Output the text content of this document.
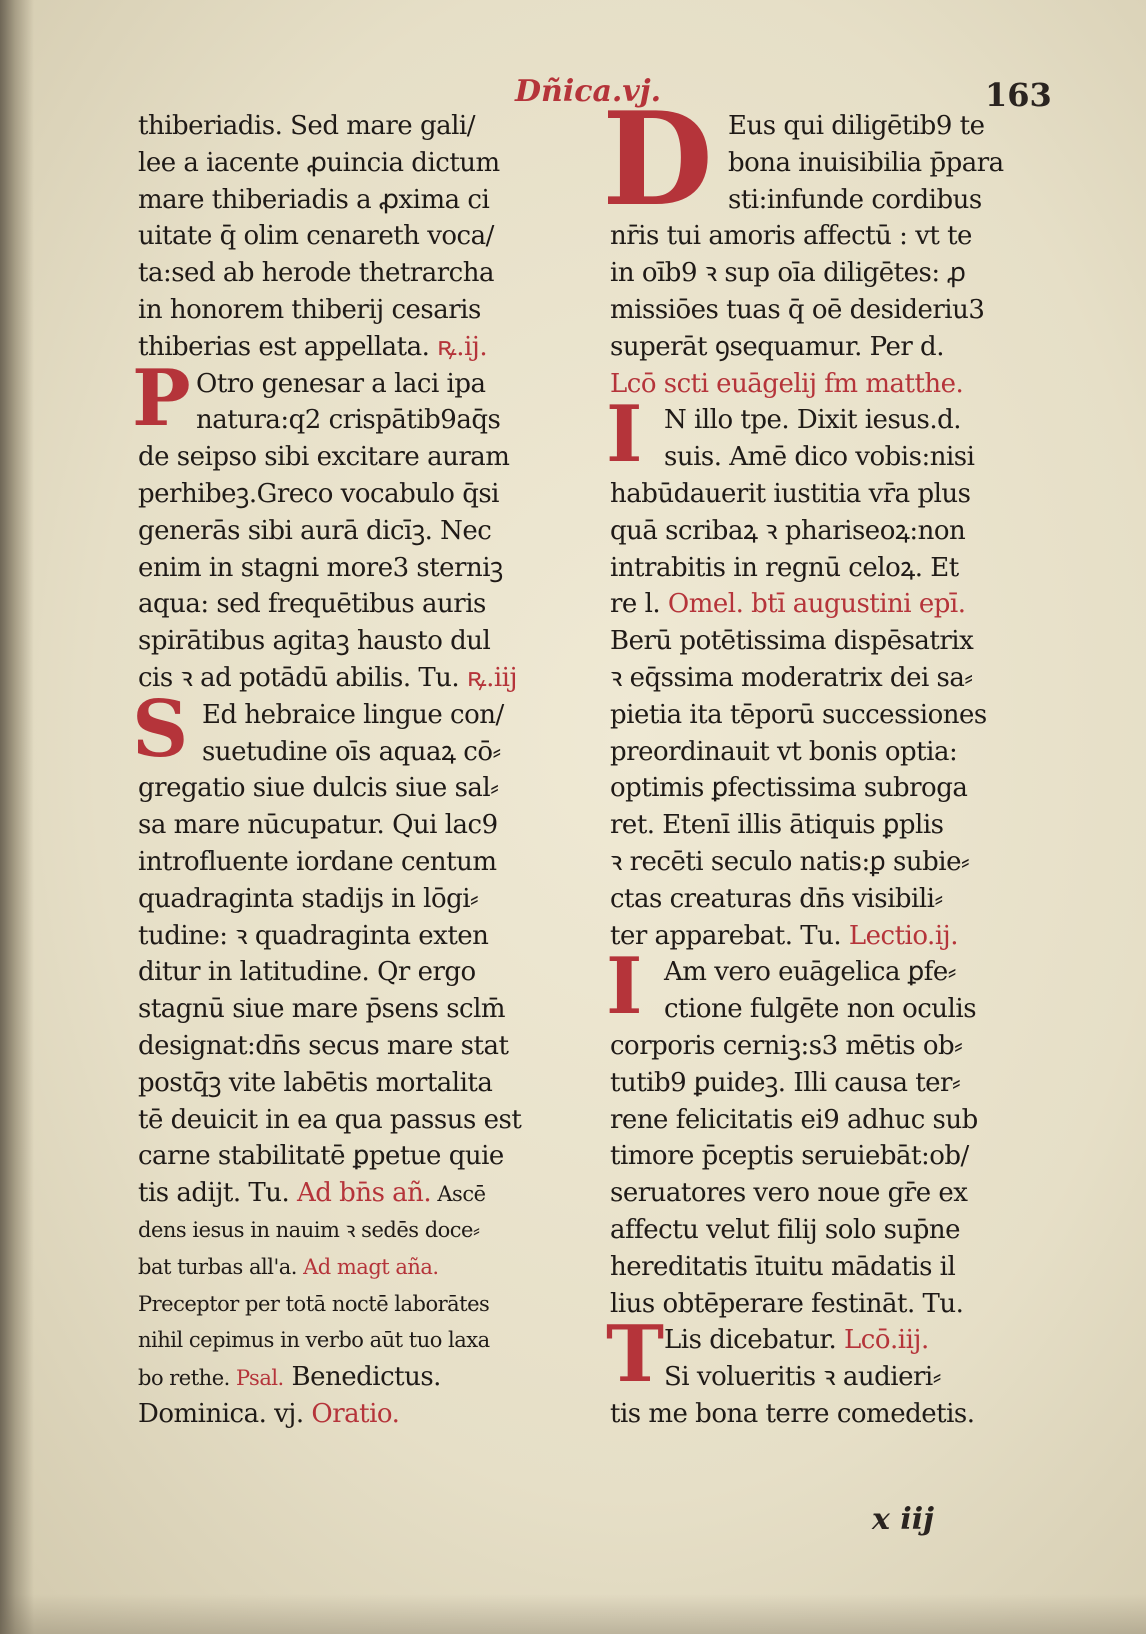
Dñica.vj.	163
thiberiadis. Sed mare gali/
lee a iacente ꝓuincia dictum
mare thiberiadis a ꝓxima ci
uitate q̄ olim cenareth voca/
ta:sed ab herode thetrarcha
in honorem thiberij cesaris
thiberias est appellata. ꝶ.ij.
Otro genesar a laci ipa
natura:q2 crispātib9aq̄s
de seipso sibi excitare auram
perhibeꝫ.Greco vocabulo q̄si
generās sibi aurā dicīꝫ. Nec
enim in stagni more3 sterniꝫ
aqua: sed frequētibus auris
spirātibus agitaꝫ hausto dul
cis ꝛ ad potādū abilis. Tu. ꝶ.iij
Ed hebraice lingue con/
suetudine oīs aquaꝝ cō⸗
gregatio siue dulcis siue sal⸗
sa mare nūcupatur. Qui lac9
introfluente iordane centum
quadraginta stadijs in lōgi⸗
tudine: ꝛ quadraginta exten
ditur in latitudine. Qr ergo
stagnū siue mare p̄sens sclm̄
designat:dn̄s secus mare stat
postq̄ꝫ vite labētis mortalita
tē deuicit in ea qua passus est
carne stabilitatē ꝑpetue quie
tis adijt. Tu. Ad bn̄s añ. Ascē
dens iesus in nauim ꝛ sedēs doce⸗
bat turbas all'a. Ad magt añа.
Preceptor per totā noctē laborātes
nihil cepimus in verbo aūt tuo laxa
bo rethe. Psal. Benedictus.
Dominica. vj. Oratio.
P
S
Eus qui diligētib9 te
bona inuisibilia p̄para
sti:infunde cordibus
nr̄is tui amoris affectū : vt te
in oīb9 ꝛ sup oīa diligētes: ꝓ
missiōes tuas q̄ oē desideriu3
superāt ꝯsequamur. Per d.
Lcō scti euāgelij fm matthe.
N illo tpe. Dixit iesus.d.
suis. Amē dico vobis:nisi
habūdauerit iustitia vr̄a plus
quā scribaꝝ ꝛ phariseoꝝ:non
intrabitis in regnū celoꝝ. Et
re l. Omel. btī augustini epī.
Berū potētissima dispēsatrix
ꝛ eq̄ssima moderatrix dei sa⸗
pietia ita tēporū successiones
preordinauit vt bonis optia:
optimis ꝑfectissima subroga
ret. Etenī illis ātiquis ꝑplis
ꝛ recēti seculo natis:ꝑ subie⸗
ctas creaturas dn̄s visibili⸗
ter apparebat. Tu. Lectio.ij.
Am vero euāgelica ꝑfe⸗
ctione fulgēte non oculis
corporis cerniꝫ:s3 mētis ob⸗
tutib9 ꝑuideꝫ. Illi causa ter⸗
rene felicitatis ei9 adhuc sub
timore p̄ceptis seruiebāt:ob/
seruatores vero noue gr̄e ex
affectu velut filij solo sup̄ne
hereditatis ītuitu mādatis il
lius obtēperare festināt. Tu.
Lis dicebatur. Lcō.iij.
Si volueritis ꝛ audieri⸗
tis me bona terre comedetis.
D
I
I
T
x iij
